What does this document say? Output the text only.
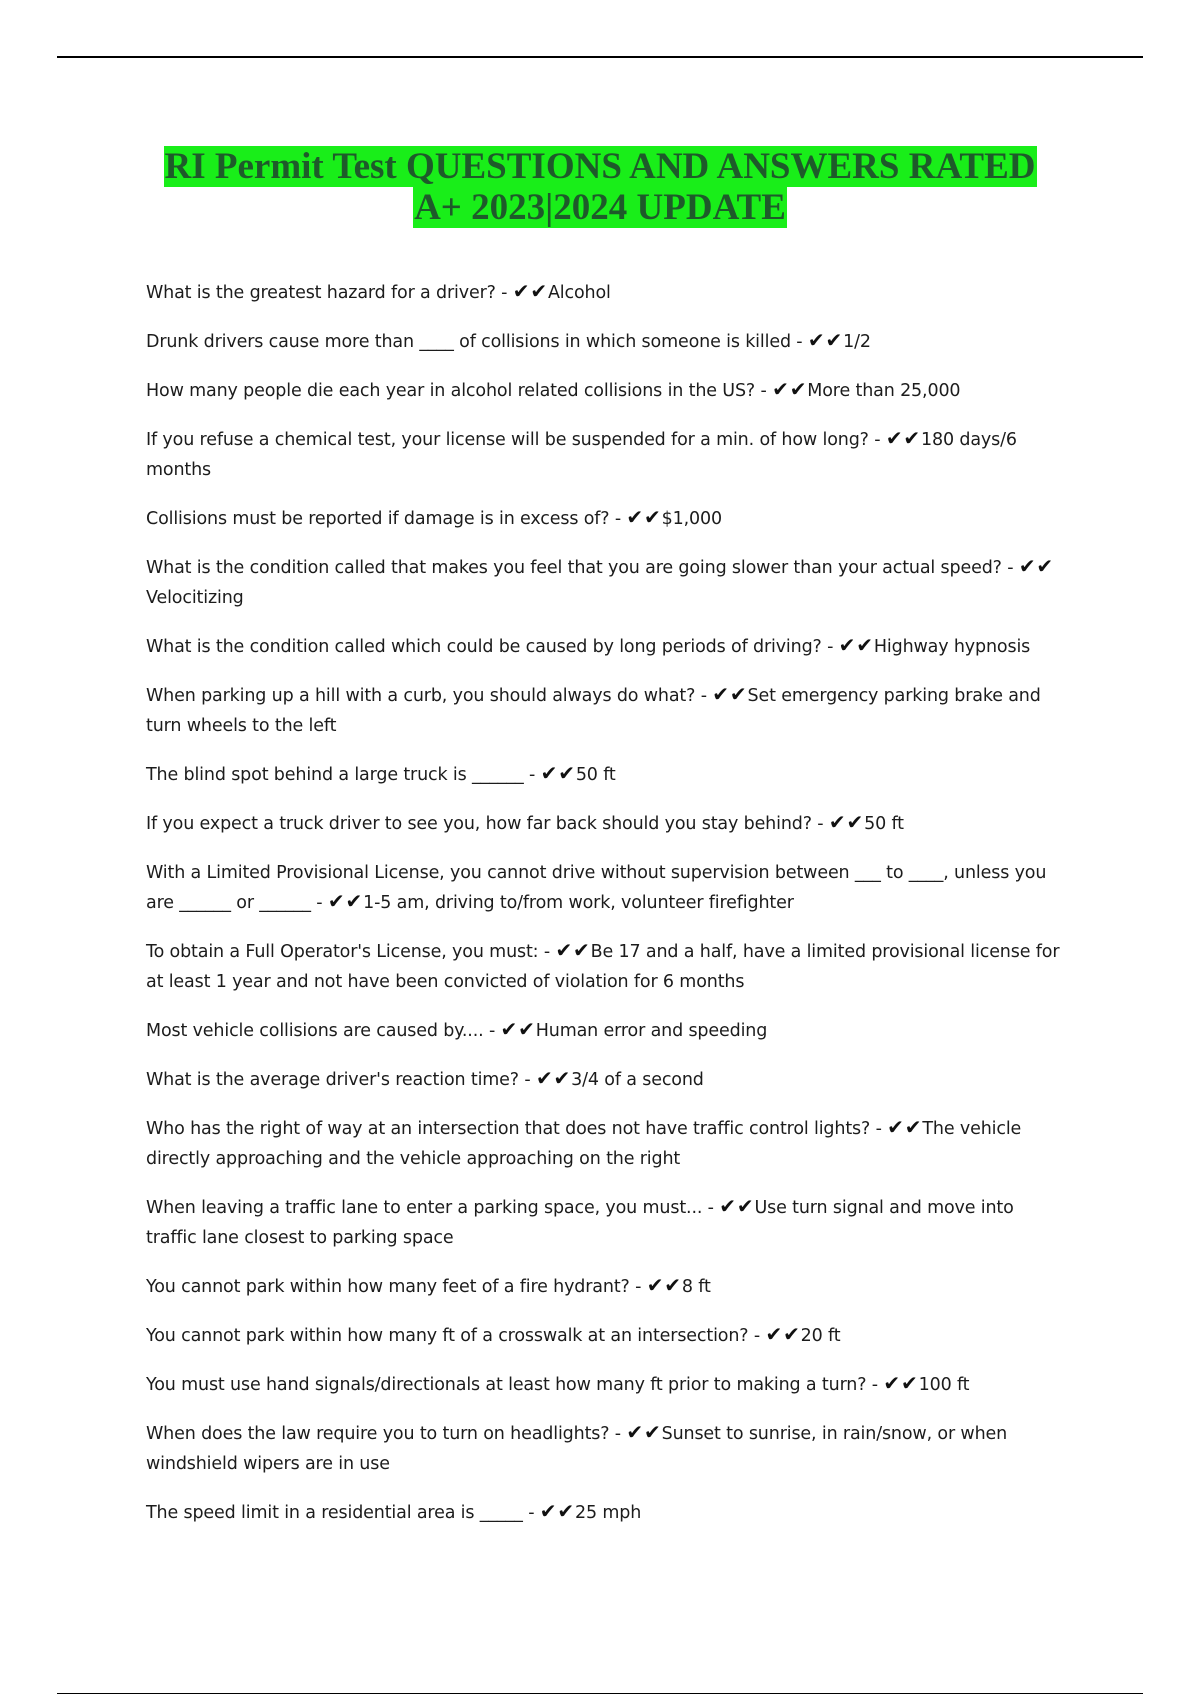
RI Permit Test QUESTIONS AND ANSWERS RATED
A+ 2023|2024 UPDATE
What is the greatest hazard for a driver? - ✔✔Alcohol
Drunk drivers cause more than ____ of collisions in which someone is killed - ✔✔1/2
How many people die each year in alcohol related collisions in the US? - ✔✔More than 25,000
If you refuse a chemical test, your license will be suspended for a min. of how long? - ✔✔180 days/6 months
Collisions must be reported if damage is in excess of? - ✔✔$1,000
What is the condition called that makes you feel that you are going slower than your actual speed? - ✔✔Velocitizing
What is the condition called which could be caused by long periods of driving? - ✔✔Highway hypnosis
When parking up a hill with a curb, you should always do what? - ✔✔Set emergency parking brake and turn wheels to the left
The blind spot behind a large truck is ______ - ✔✔50 ft
If you expect a truck driver to see you, how far back should you stay behind? - ✔✔50 ft
With a Limited Provisional License, you cannot drive without supervision between ___ to ____, unless you are ______ or ______ - ✔✔1-5 am, driving to/from work, volunteer firefighter
To obtain a Full Operator's License, you must: - ✔✔Be 17 and a half, have a limited provisional license for at least 1 year and not have been convicted of violation for 6 months
Most vehicle collisions are caused by.... - ✔✔Human error and speeding
What is the average driver's reaction time? - ✔✔3/4 of a second
Who has the right of way at an intersection that does not have traffic control lights? - ✔✔The vehicle directly approaching and the vehicle approaching on the right
When leaving a traffic lane to enter a parking space, you must... - ✔✔Use turn signal and move into traffic lane closest to parking space
You cannot park within how many feet of a fire hydrant? - ✔✔8 ft
You cannot park within how many ft of a crosswalk at an intersection? - ✔✔20 ft
You must use hand signals/directionals at least how many ft prior to making a turn? - ✔✔100 ft
When does the law require you to turn on headlights? - ✔✔Sunset to sunrise, in rain/snow, or when windshield wipers are in use
The speed limit in a residential area is _____ - ✔✔25 mph
